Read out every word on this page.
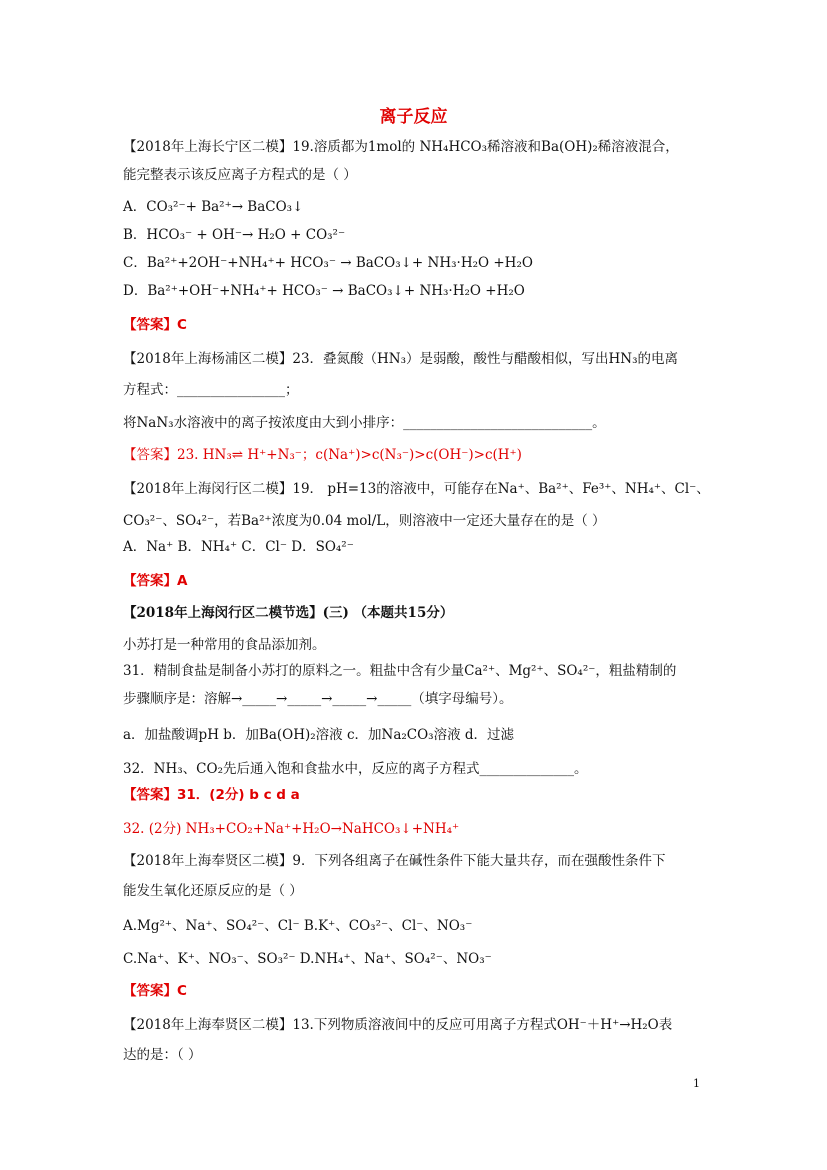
离子反应
【2018年上海长宁区二模】19.溶质都为1mol的 NH₄HCO₃稀溶液和Ba(OH)₂稀溶液混合，
能完整表示该反应离子方程式的是（ ）
A．CO₃²⁻+ Ba²⁺→ BaCO₃↓
B．HCO₃⁻ + OH⁻→ H₂O + CO₃²⁻
C．Ba²⁺+2OH⁻+NH₄⁺+ HCO₃⁻ → BaCO₃↓+ NH₃·H₂O +H₂O
D．Ba²⁺+OH⁻+NH₄⁺+ HCO₃⁻ → BaCO₃↓+ NH₃·H₂O +H₂O
【答案】C
【2018年上海杨浦区二模】23．叠氮酸（HN₃）是弱酸，酸性与醋酸相似，写出HN₃的电离
方程式：________________；
将NaN₃水溶液中的离子按浓度由大到小排序：____________________________。
【答案】23. HN₃⇌ H⁺+N₃⁻；c(Na⁺)>c(N₃⁻)>c(OH⁻)>c(H⁺)
【2018年上海闵行区二模】19． pH=13的溶液中，可能存在Na⁺、Ba²⁺、Fe³⁺、NH₄⁺、Cl⁻、
CO₃²⁻、SO₄²⁻，若Ba²⁺浓度为0.04 mol/L，则溶液中一定还大量存在的是（ ）
A．Na⁺ B．NH₄⁺ C．Cl⁻ D．SO₄²⁻
【答案】A
【2018年上海闵行区二模节选】(三) （本题共15分）
小苏打是一种常用的食品添加剂。
31．精制食盐是制备小苏打的原料之一。粗盐中含有少量Ca²⁺、Mg²⁺、SO₄²⁻，粗盐精制的
步骤顺序是：溶解→_____→_____→_____→_____（填字母编号）。
a．加盐酸调pH b．加Ba(OH)₂溶液 c．加Na₂CO₃溶液 d．过滤
32．NH₃、CO₂先后通入饱和食盐水中，反应的离子方程式______________。
【答案】31．(2分) b c d a
32. (2分) NH₃+CO₂+Na⁺+H₂O→NaHCO₃↓+NH₄⁺
【2018年上海奉贤区二模】9．下列各组离子在碱性条件下能大量共存，而在强酸性条件下
能发生氧化还原反应的是（ ）
A.Mg²⁺、Na⁺、SO₄²⁻、Cl⁻ B.K⁺、CO₃²⁻、Cl⁻、NO₃⁻
C.Na⁺、K⁺、NO₃⁻、SO₃²⁻ D.NH₄⁺、Na⁺、SO₄²⁻、NO₃⁻
【答案】C
【2018年上海奉贤区二模】13.下列物质溶液间中的反应可用离子方程式OH⁻＋H⁺→H₂O表
达的是：（ ）
1
